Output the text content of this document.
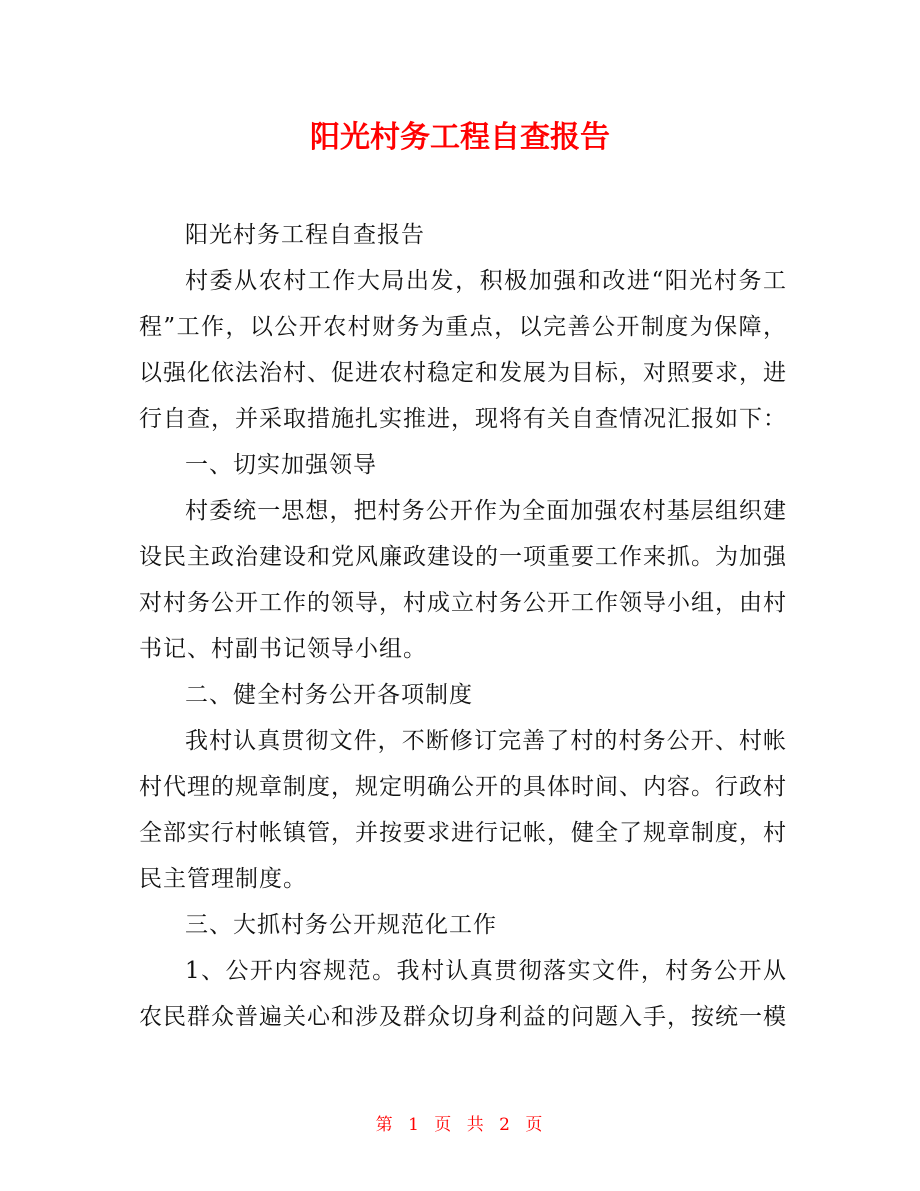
阳光村务工程自查报告

阳光村务工程自查报告

村委从农村工作大局出发，积极加强和改进“阳光村务工程”工作，以公开农村财务为重点，以完善公开制度为保障，以强化依法治村、促进农村稳定和发展为目标，对照要求，进行自查，并采取措施扎实推进，现将有关自查情况汇报如下：

一、切实加强领导

村委统一思想，把村务公开作为全面加强农村基层组织建设民主政治建设和党风廉政建设的一项重要工作来抓。为加强对村务公开工作的领导，村成立村务公开工作领导小组，由村书记、村副书记领导小组。

二、健全村务公开各项制度

我村认真贯彻文件，不断修订完善了村的村务公开、村帐村代理的规章制度，规定明确公开的具体时间、内容。行政村全部实行村帐镇管，并按要求进行记帐，健全了规章制度，村民主管理制度。

三、大抓村务公开规范化工作

1、公开内容规范。我村认真贯彻落实文件，村务公开从农民群众普遍关心和涉及群众切身利益的问题入手，按统一模

第 1 页 共 2 页
